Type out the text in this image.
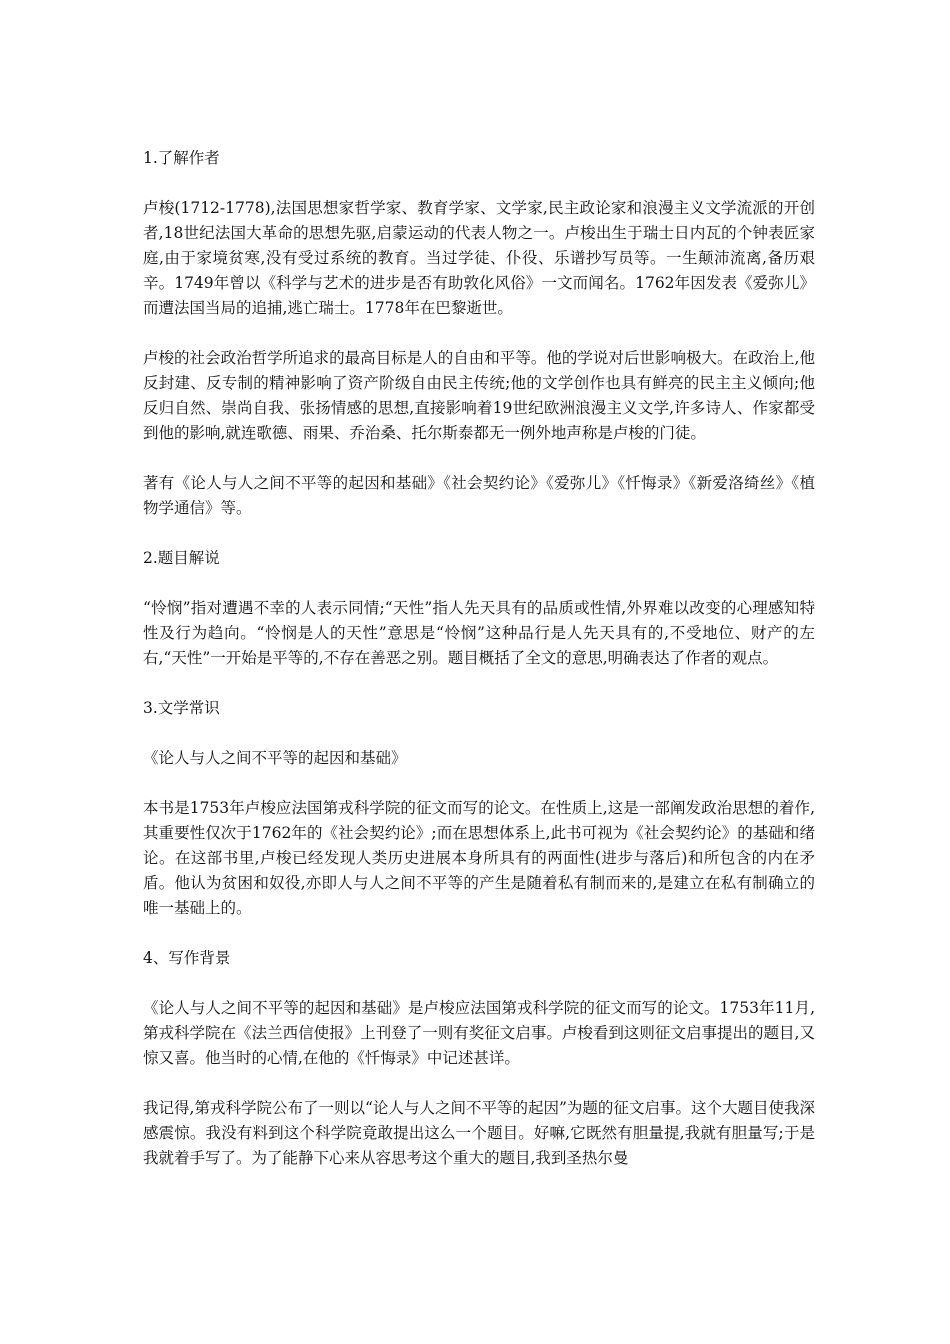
1.了解作者
卢梭(1712-1778),法国思想家哲学家、教育学家、文学家,民主政论家和浪漫主义文学流派的开创者,18世纪法国大革命的思想先驱,启蒙运动的代表人物之一。卢梭出生于瑞士日内瓦的个钟表匠家庭,由于家境贫寒,没有受过系统的教育。当过学徒、仆役、乐谱抄写员等。一生颠沛流离,备历艰辛。1749年曾以《科学与艺术的进步是否有助敦化风俗》一文而闻名。1762年因发表《爱弥儿》而遭法国当局的追捕,逃亡瑞士。1778年在巴黎逝世。
卢梭的社会政治哲学所追求的最高目标是人的自由和平等。他的学说对后世影响极大。在政治上,他反封建、反专制的精神影响了资产阶级自由民主传统;他的文学创作也具有鲜亮的民主主义倾向;他反归自然、崇尚自我、张扬情感的思想,直接影响着19世纪欧洲浪漫主义文学,许多诗人、作家都受到他的影响,就连歌德、雨果、乔治桑、托尔斯泰都无一例外地声称是卢梭的门徒。
著有《论人与人之间不平等的起因和基础》《社会契约论》《爱弥儿》《忏悔录》《新爱洛绮丝》《植物学通信》等。
2.题目解说
“怜悯”指对遭遇不幸的人表示同情;“天性”指人先天具有的品质或性情,外界难以改变的心理感知特性及行为趋向。“怜悯是人的天性”意思是“怜悯”这种品行是人先天具有的,不受地位、财产的左右,“天性”一开始是平等的,不存在善恶之别。题目概括了全文的意思,明确表达了作者的观点。
3.文学常识
《论人与人之间不平等的起因和基础》
本书是1753年卢梭应法国第戎科学院的征文而写的论文。在性质上,这是一部阐发政治思想的着作,其重要性仅次于1762年的《社会契约论》;而在思想体系上,此书可视为《社会契约论》的基础和绪论。在这部书里,卢梭已经发现人类历史进展本身所具有的两面性(进步与落后)和所包含的内在矛盾。他认为贫困和奴役,亦即人与人之间不平等的产生是随着私有制而来的,是建立在私有制确立的唯一基础上的。
4、写作背景
《论人与人之间不平等的起因和基础》是卢梭应法国第戎科学院的征文而写的论文。1753年11月,第戎科学院在《法兰西信使报》上刊登了一则有奖征文启事。卢梭看到这则征文启事提出的题目,又惊又喜。他当时的心情,在他的《忏悔录》中记述甚详。
我记得,第戎科学院公布了一则以“论人与人之间不平等的起因”为题的征文启事。这个大题目使我深感震惊。我没有料到这个科学院竟敢提出这么一个题目。好嘛,它既然有胆量提,我就有胆量写;于是我就着手写了。为了能静下心来从容思考这个重大的题目,我到圣热尔曼
